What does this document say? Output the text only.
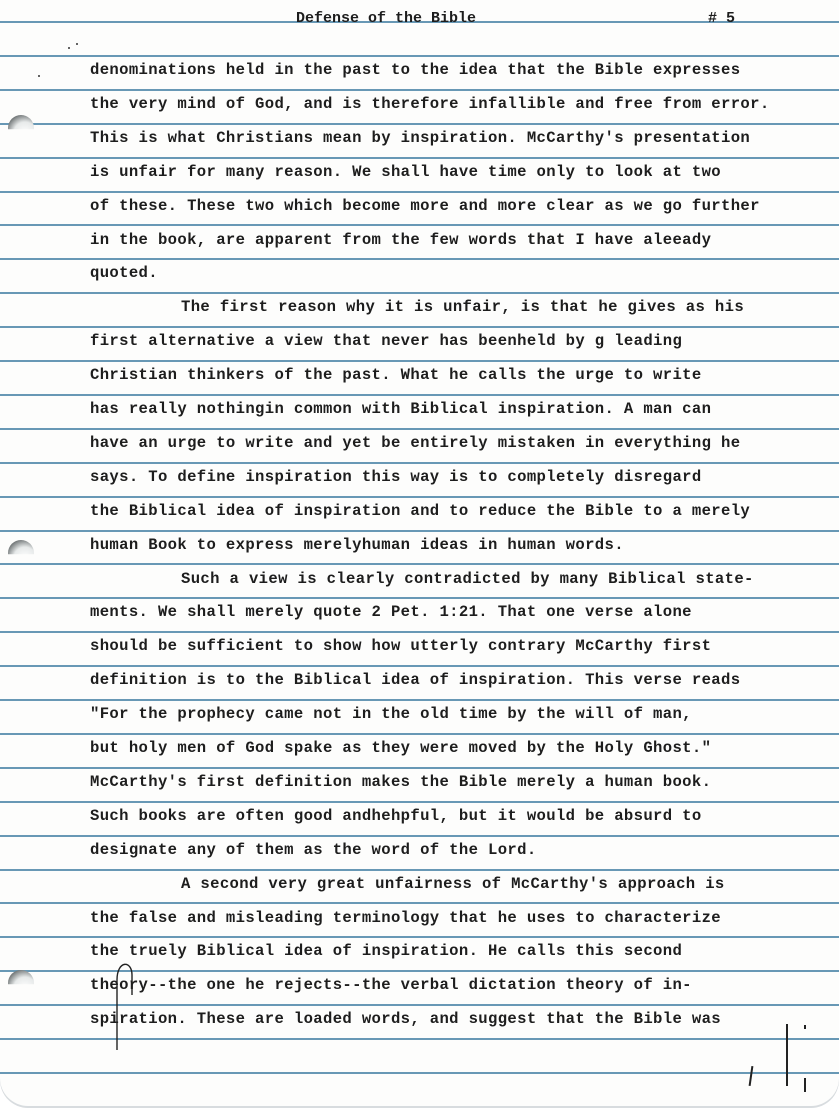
Defense of the Bible	# 5
denominations held in the past to the idea that the Bible expresses
the very mind of God, and is therefore infallible and free from error.
This is what Christians mean by inspiration. McCarthy's presentation
is unfair for many reason. We shall have time only to look at two
of these. These two which become more and more clear as we go further
in the book, are apparent from the few words that I have aleeady
quoted.
The first reason why it is unfair, is that he gives as his
first alternative a view that never has beenheld by g leading
Christian thinkers of the past. What he calls the urge to write
has really nothingin common with Biblical inspiration. A man can
have an urge to write and yet be entirely mistaken in everything he
says. To define inspiration this way is to completely disregard
the Biblical idea of inspiration and to reduce the Bible to a merely
human Book to express merelyhuman ideas in human words.
Such a view is clearly contradicted by many Biblical state-
ments. We shall merely quote 2 Pet. 1:21. That one verse alone
should be sufficient to show how utterly contrary McCarthy first
definition is to the Biblical idea of inspiration. This verse reads
"For the prophecy came not in the old time by the will of man,
but holy men of God spake as they were moved by the Holy Ghost."
McCarthy's first definition makes the Bible merely a human book.
Such books are often good andhehpful, but it would be absurd to
designate any of them as the word of the Lord.
A second very great unfairness of McCarthy's approach is
the false and misleading terminology that he uses to characterize
the truely Biblical idea of inspiration. He calls this second
theory--the one he rejects--the verbal dictation theory of in-
spiration. These are loaded words, and suggest that the Bible was
